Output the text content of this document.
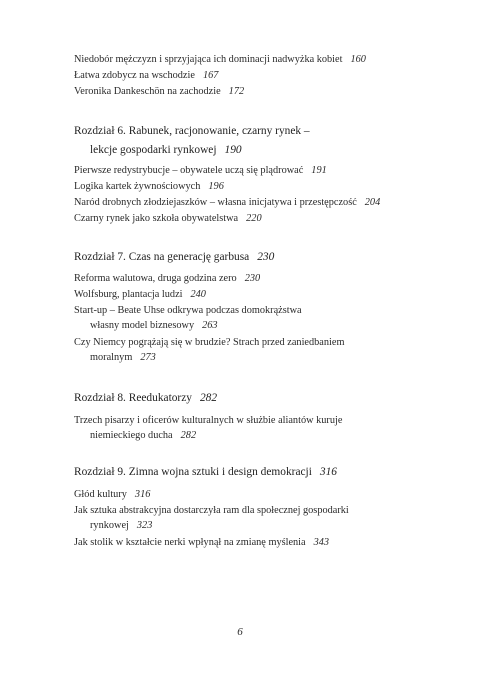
Niedobór mężczyzn i sprzyjająca ich dominacji nadwyżka kobiet 160
Łatwa zdobycz na wschodzie 167
Veronika Dankeschön na zachodzie 172
Rozdział 6. Rabunek, racjonowanie, czarny rynek –
lekcje gospodarki rynkowej 190
Pierwsze redystrybucje – obywatele uczą się plądrować 191
Logika kartek żywnościowych 196
Naród drobnych złodziejaszków – własna inicjatywa i przestępczość 204
Czarny rynek jako szkoła obywatelstwa 220
Rozdział 7. Czas na generację garbusa 230
Reforma walutowa, druga godzina zero 230
Wolfsburg, plantacja ludzi 240
Start-up – Beate Uhse odkrywa podczas domokrążstwa
własny model biznesowy 263
Czy Niemcy pogrążają się w brudzie? Strach przed zaniedbaniem
moralnym 273
Rozdział 8. Reedukatorzy 282
Trzech pisarzy i oficerów kulturalnych w służbie aliantów kuruje
niemieckiego ducha 282
Rozdział 9. Zimna wojna sztuki i design demokracji 316
Głód kultury 316
Jak sztuka abstrakcyjna dostarczyła ram dla społecznej gospodarki
rynkowej 323
Jak stolik w kształcie nerki wpłynął na zmianę myślenia 343
6
